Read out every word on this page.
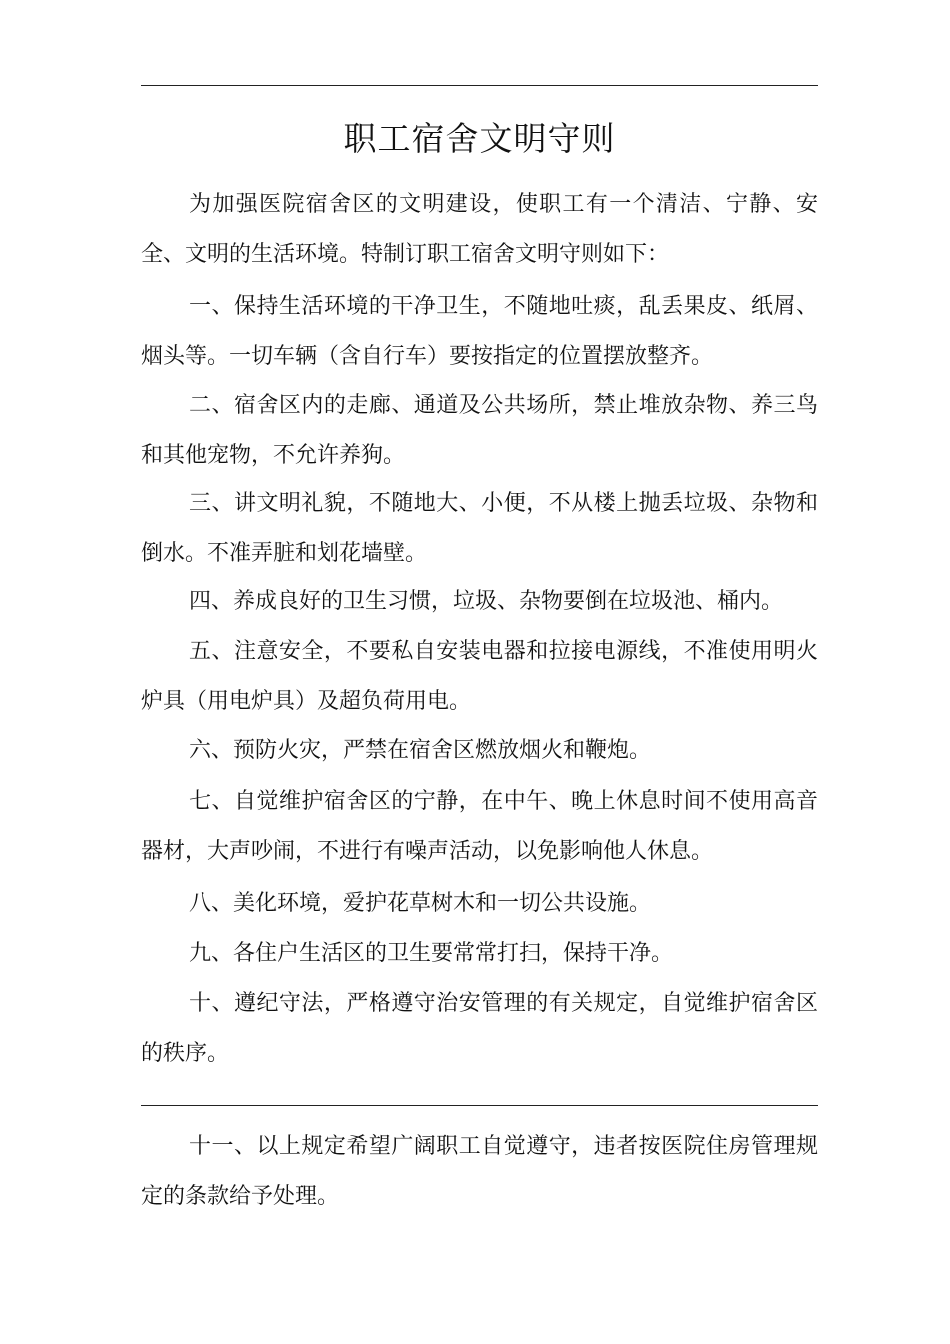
职工宿舍文明守则

为加强医院宿舍区的文明建设，使职工有一个清洁、宁静、安全、文明的生活环境。特制订职工宿舍文明守则如下：

一、保持生活环境的干净卫生，不随地吐痰，乱丢果皮、纸屑、烟头等。一切车辆（含自行车）要按指定的位置摆放整齐。

二、宿舍区内的走廊、通道及公共场所，禁止堆放杂物、养三鸟和其他宠物，不允许养狗。

三、讲文明礼貌，不随地大、小便，不从楼上抛丢垃圾、杂物和倒水。不准弄脏和划花墙壁。

四、养成良好的卫生习惯，垃圾、杂物要倒在垃圾池、桶内。

五、注意安全，不要私自安装电器和拉接电源线，不准使用明火炉具（用电炉具）及超负荷用电。

六、预防火灾，严禁在宿舍区燃放烟火和鞭炮。

七、自觉维护宿舍区的宁静，在中午、晚上休息时间不使用高音器材，大声吵闹，不进行有噪声活动，以免影响他人休息。

八、美化环境，爱护花草树木和一切公共设施。

九、各住户生活区的卫生要常常打扫，保持干净。

十、遵纪守法，严格遵守治安管理的有关规定，自觉维护宿舍区的秩序。

十一、以上规定希望广阔职工自觉遵守，违者按医院住房管理规定的条款给予处理。
